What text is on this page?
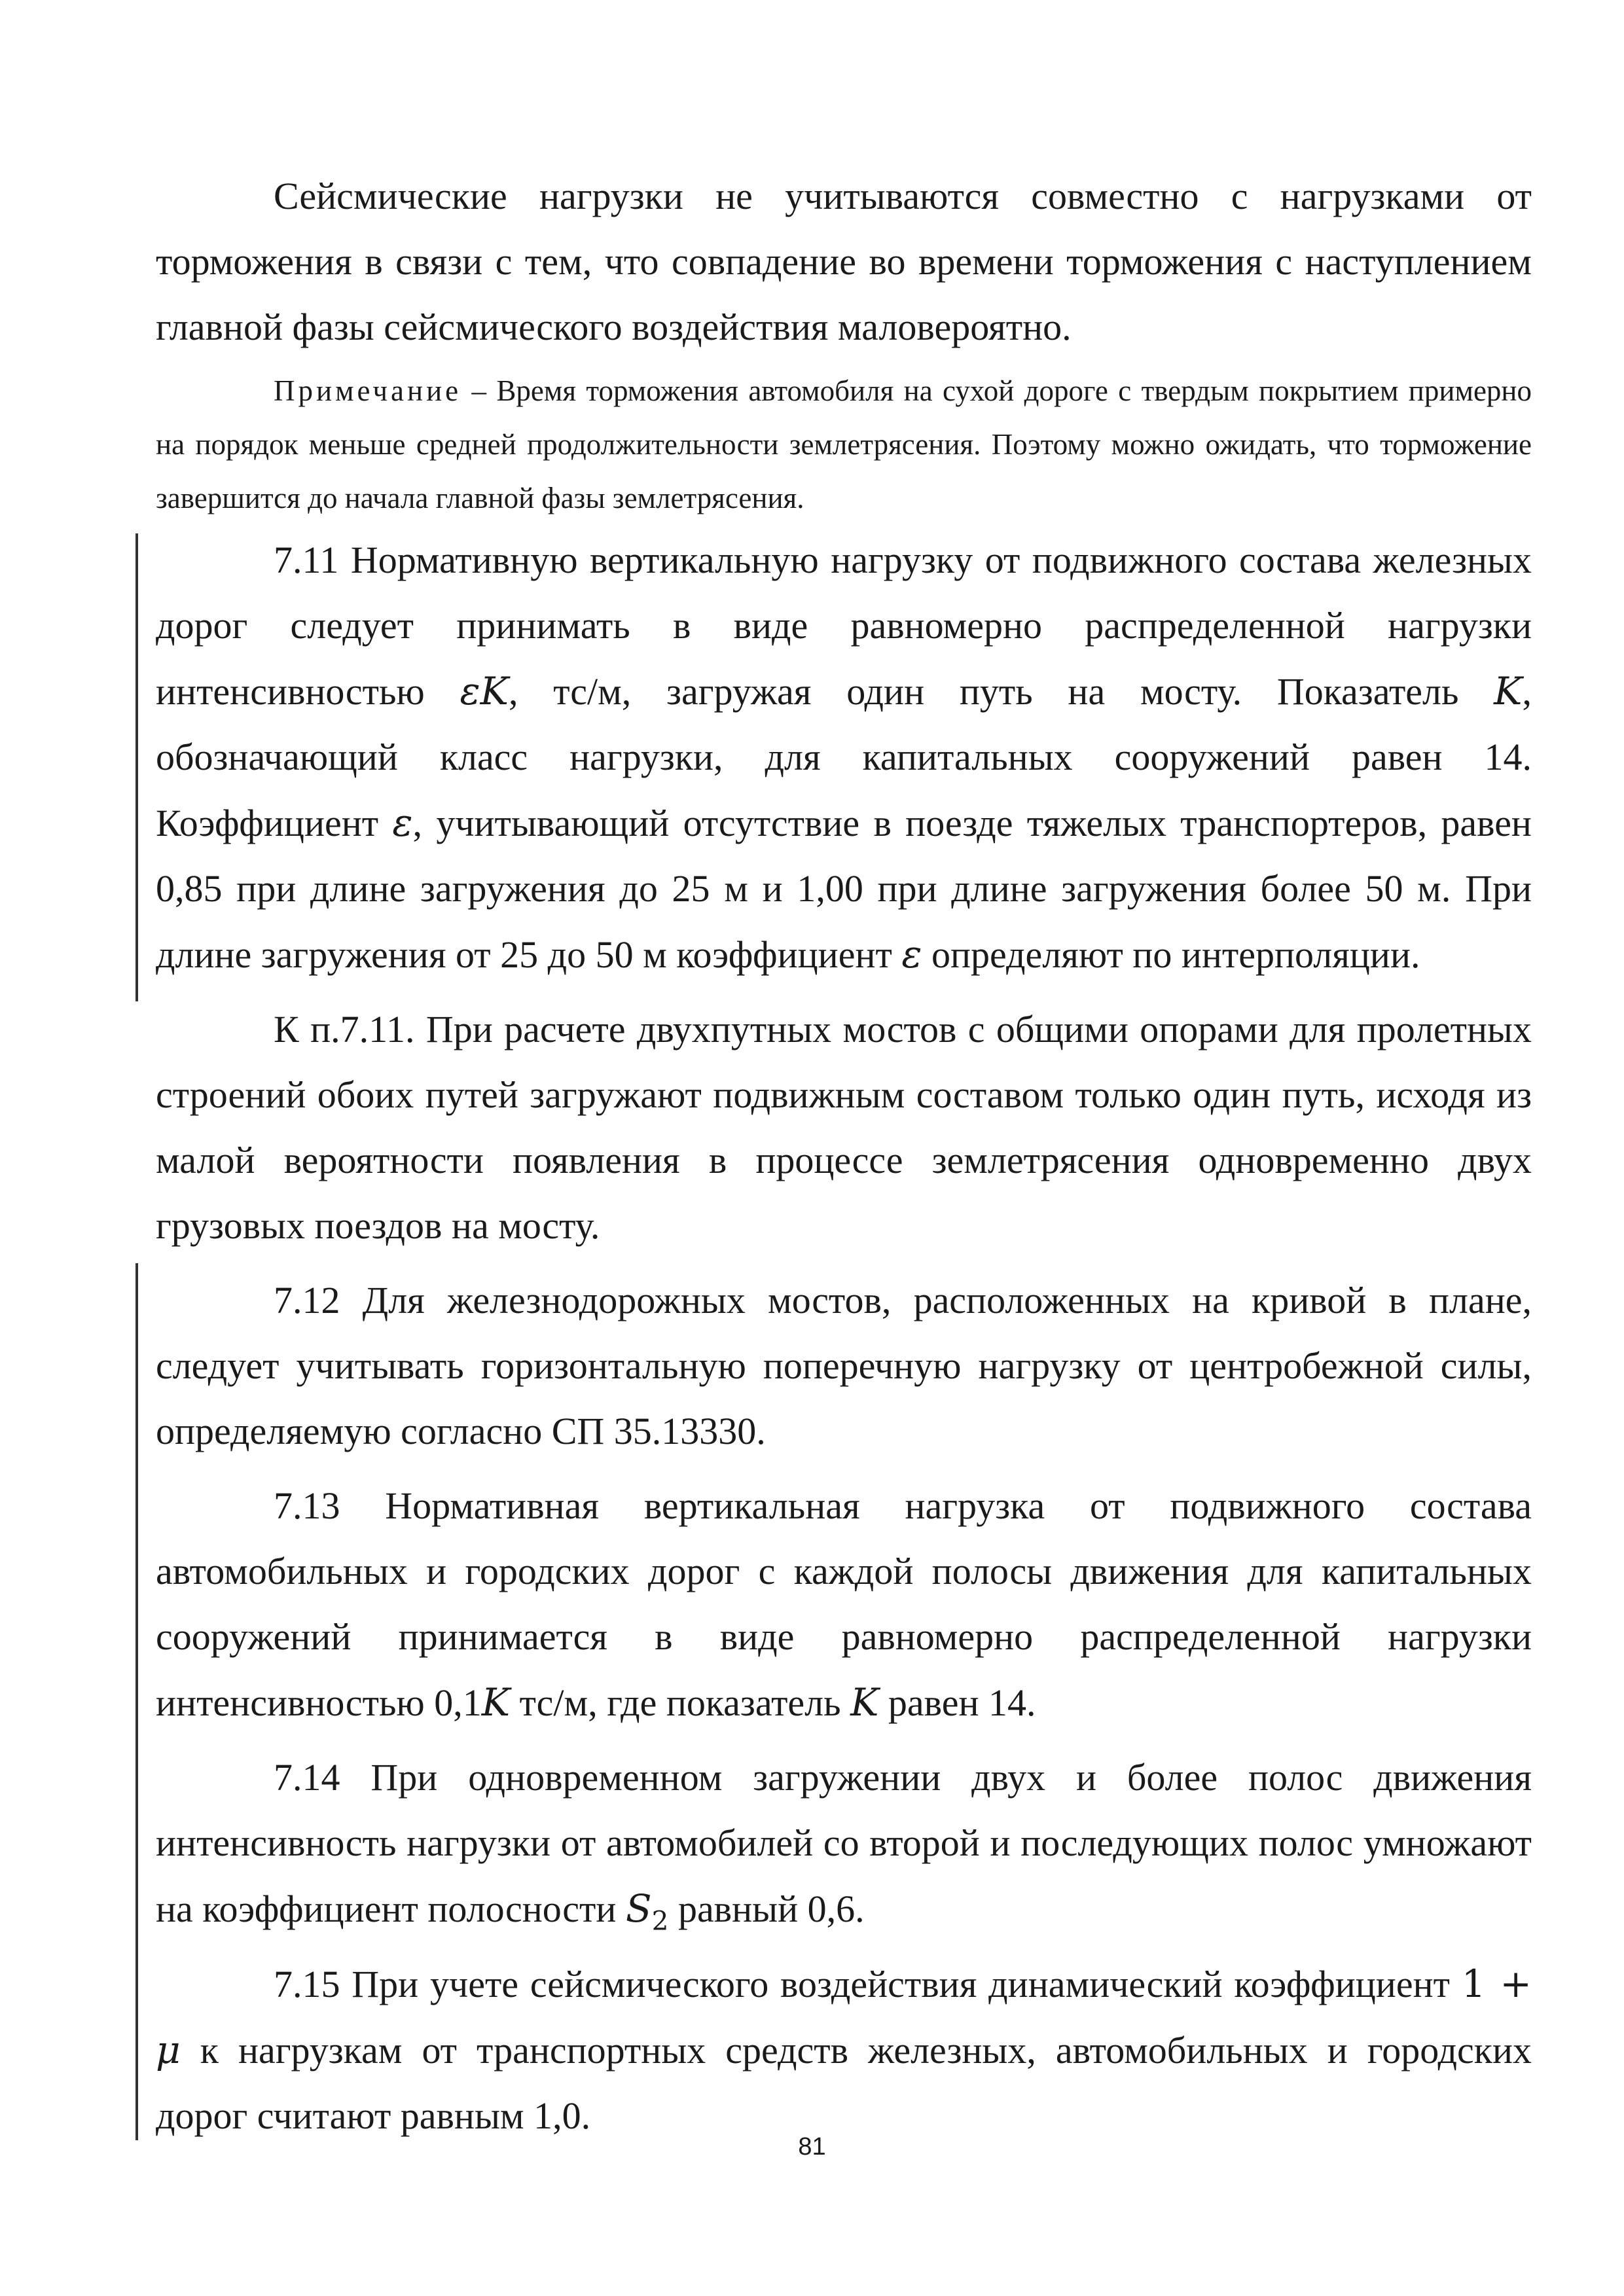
Сейсмические нагрузки не учитываются совместно с нагрузками от торможения в связи с тем, что совпадение во времени торможения с наступлением главной фазы сейсмического воздействия маловероятно.

Примечание – Время торможения автомобиля на сухой дороге с твердым покрытием примерно на порядок меньше средней продолжительности землетрясения. Поэтому можно ожидать, что торможение завершится до начала главной фазы землетрясения.

7.11 Нормативную вертикальную нагрузку от подвижного состава железных дорог следует принимать в виде равномерно распределенной нагрузки интенсивностью εK, тс/м, загружая один путь на мосту. Показатель K, обозначающий класс нагрузки, для капитальных сооружений равен 14. Коэффициент ε, учитывающий отсутствие в поезде тяжелых транспортеров, равен 0,85 при длине загружения до 25 м и 1,00 при длине загружения более 50 м. При длине загружения от 25 до 50 м коэффициент ε определяют по интерполяции.

К п.7.11. При расчете двухпутных мостов с общими опорами для пролетных строений обоих путей загружают подвижным составом только один путь, исходя из малой вероятности появления в процессе землетрясения одновременно двух грузовых поездов на мосту.

7.12 Для железнодорожных мостов, расположенных на кривой в плане, следует учитывать горизонтальную поперечную нагрузку от центробежной силы, определяемую согласно СП 35.13330.

7.13 Нормативная вертикальная нагрузка от подвижного состава автомобильных и городских дорог с каждой полосы движения для капитальных сооружений принимается в виде равномерно распределенной нагрузки интенсивностью 0,1K тс/м, где показатель K равен 14.

7.14 При одновременном загружении двух и более полос движения интенсивность нагрузки от автомобилей со второй и последующих полос умножают на коэффициент полосности $S_2$ равный 0,6.

7.15 При учете сейсмического воздействия динамический коэффициент 1 + μ к нагрузкам от транспортных средств железных, автомобильных и городских дорог считают равным 1,0.

81
